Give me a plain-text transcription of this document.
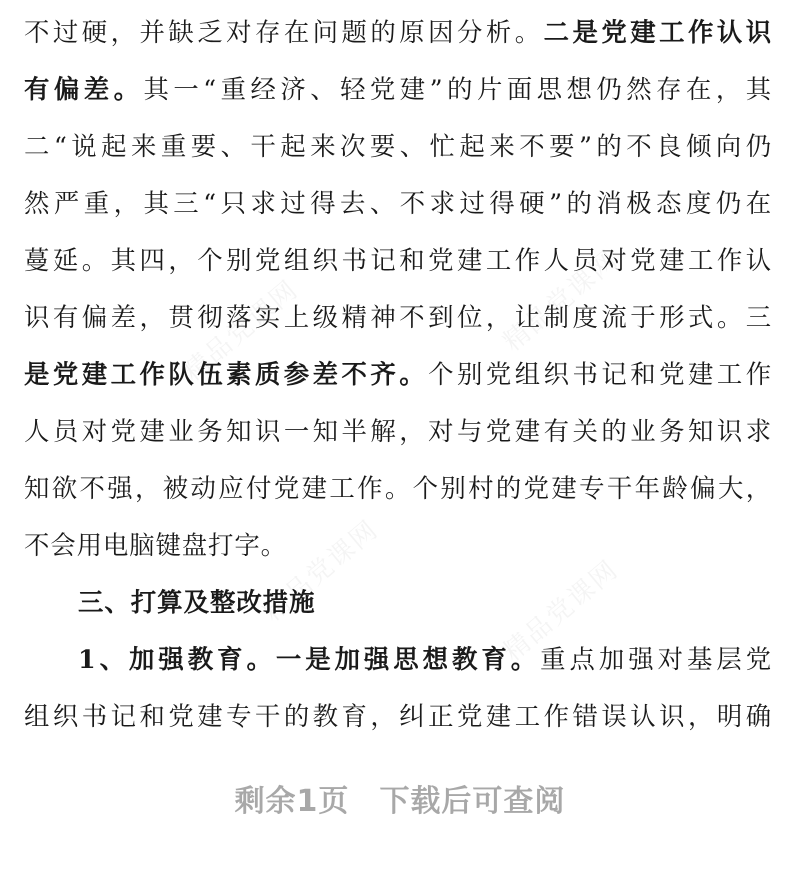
精品党课网	精品党课网
精品党课网	精品党课网
不过硬，并缺乏对存在问题的原因分析。二是党建工作认识
有偏差。其一“重经济、轻党建”的片面思想仍然存在，其
二“说起来重要、干起来次要、忙起来不要”的不良倾向仍
然严重，其三“只求过得去、不求过得硬”的消极态度仍在
蔓延。其四，个别党组织书记和党建工作人员对党建工作认
识有偏差，贯彻落实上级精神不到位，让制度流于形式。三
是党建工作队伍素质参差不齐。个别党组织书记和党建工作
人员对党建业务知识一知半解，对与党建有关的业务知识求
知欲不强，被动应付党建工作。个别村的党建专干年龄偏大，
不会用电脑键盘打字。
三、打算及整改措施
1、加强教育。一是加强思想教育。重点加强对基层党
组织书记和党建专干的教育，纠正党建工作错误认识，明确
剩余1页 下载后可查阅
